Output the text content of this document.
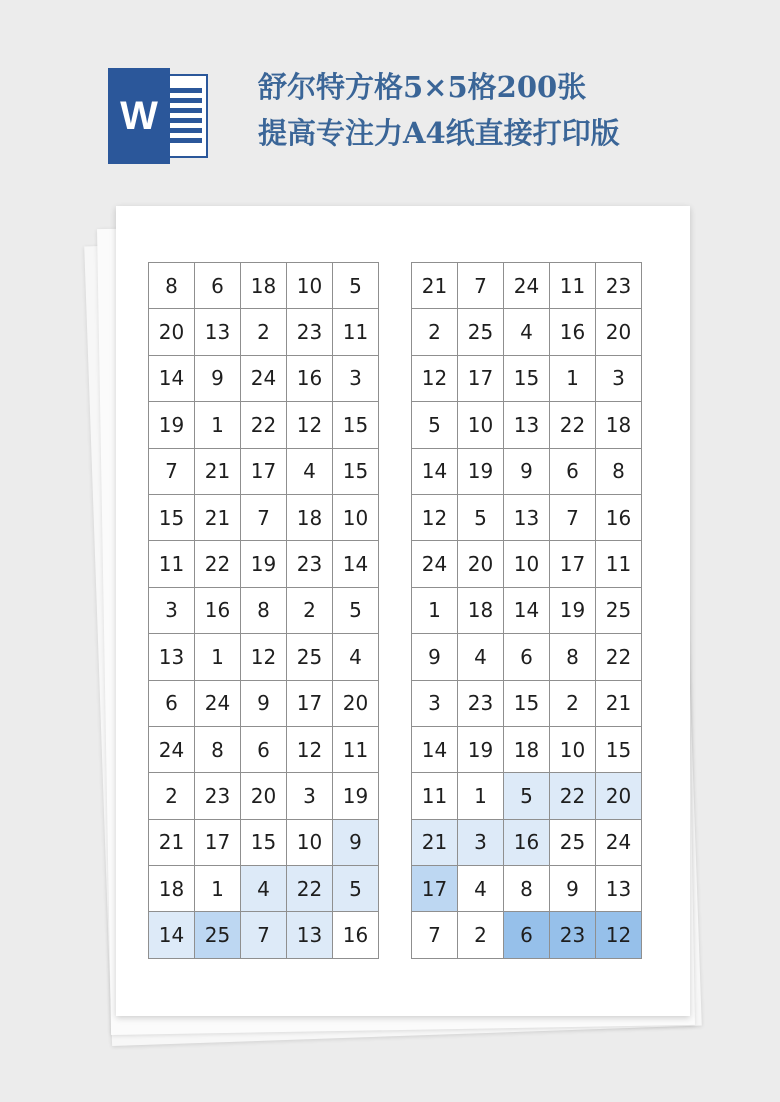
W
舒尔特方格5×5格200张
提高专注力A4纸直接打印版
8	6	18	10	5
20	13	2	23	11
14	9	24	16	3
19	1	22	12	15
7	21	17	4	15
15	21	7	18	10
11	22	19	23	14
3	16	8	2	5
13	1	12	25	4
6	24	9	17	20
24	8	6	12	11
2	23	20	3	19
21	17	15	10	9
18	1	4	22	5
14	25	7	13	16
21	7	24	11	23
2	25	4	16	20
12	17	15	1	3
5	10	13	22	18
14	19	9	6	8
12	5	13	7	16
24	20	10	17	11
1	18	14	19	25
9	4	6	8	22
3	23	15	2	21
14	19	18	10	15
11	1	5	22	20
21	3	16	25	24
17	4	8	9	13
7	2	6	23	12
